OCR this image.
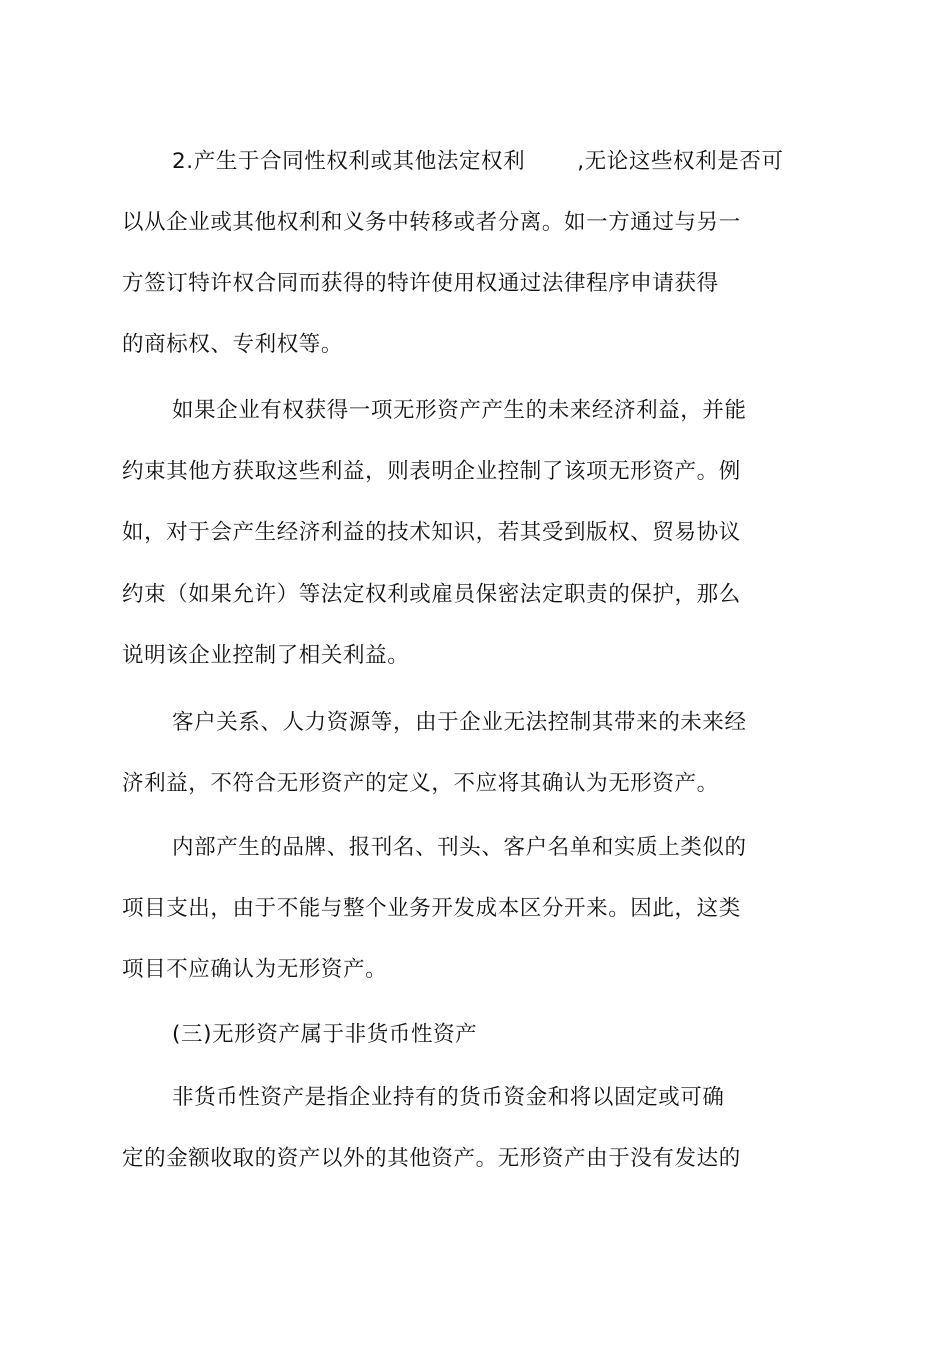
2.产生于合同性权利或其他法定权利 ,无论这些权利是否可
以从企业或其他权利和义务中转移或者分离。如一方通过与另一
方签订特许权合同而获得的特许使用权通过法律程序申请获得
的商标权、专利权等。
如果企业有权获得一项无形资产产生的未来经济利益，并能
约束其他方获取这些利益，则表明企业控制了该项无形资产。例
如，对于会产生经济利益的技术知识，若其受到版权、贸易协议
约束（如果允许）等法定权利或雇员保密法定职责的保护，那么
说明该企业控制了相关利益。
客户关系、人力资源等，由于企业无法控制其带来的未来经
济利益，不符合无形资产的定义，不应将其确认为无形资产。
内部产生的品牌、报刊名、刊头、客户名单和实质上类似的
项目支出，由于不能与整个业务开发成本区分开来。因此，这类
项目不应确认为无形资产。
(三)无形资产属于非货币性资产
非货币性资产是指企业持有的货币资金和将以固定或可确
定的金额收取的资产以外的其他资产。无形资产由于没有发达的
